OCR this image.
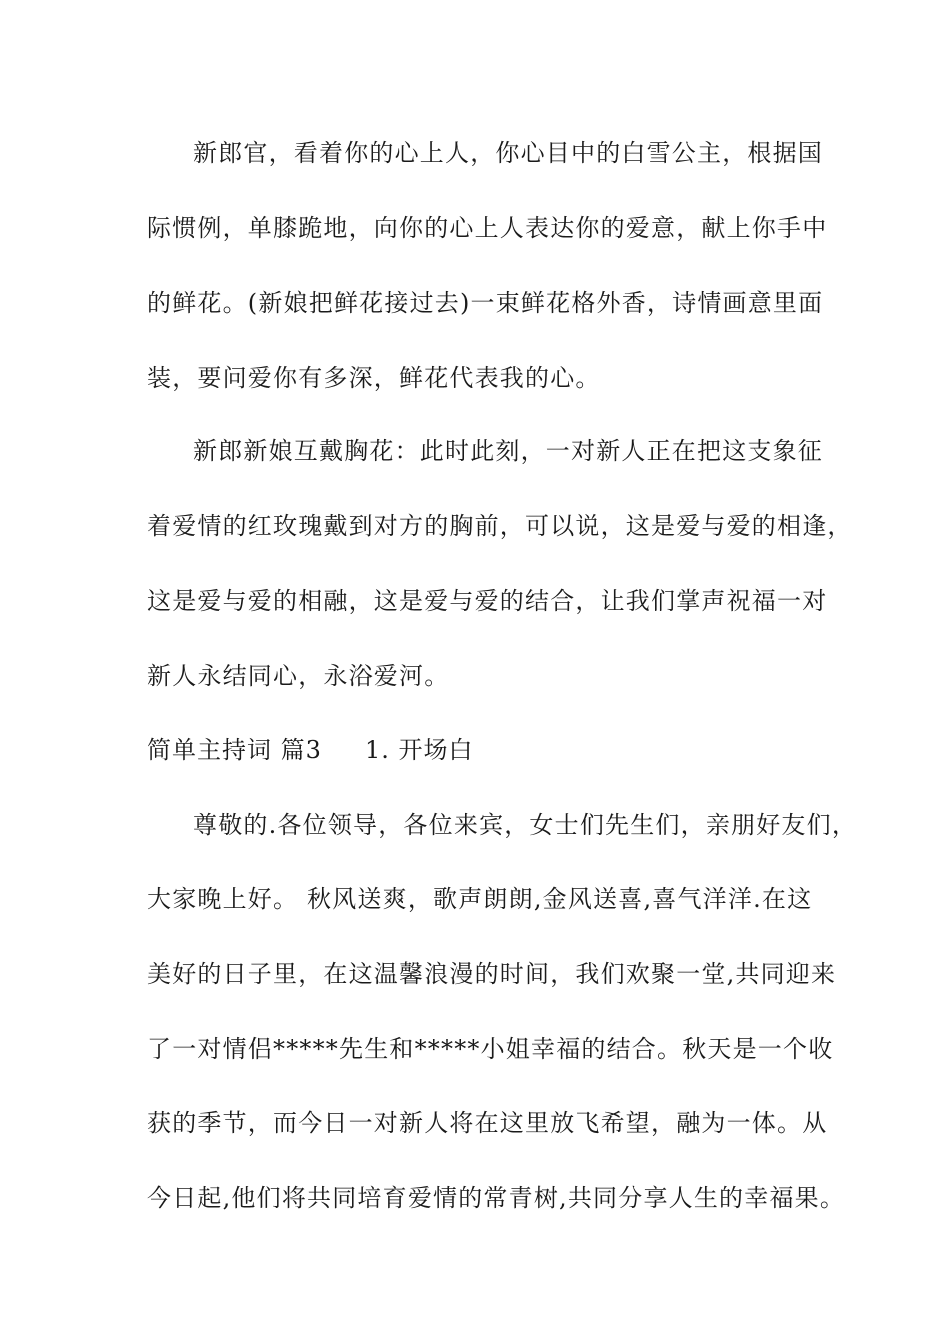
新郎官，看着你的心上人，你心目中的白雪公主，根据国
际惯例，单膝跪地，向你的心上人表达你的爱意，献上你手中
的鲜花。(新娘把鲜花接过去)一束鲜花格外香，诗情画意里面
装，要问爱你有多深，鲜花代表我的心。
新郎新娘互戴胸花：此时此刻，一对新人正在把这支象征
着爱情的红玫瑰戴到对方的胸前，可以说，这是爱与爱的相逢，
这是爱与爱的相融，这是爱与爱的结合，让我们掌声祝福一对
新人永结同心，永浴爱河。
简单主持词 篇3 1. 开场白
尊敬的.各位领导，各位来宾，女士们先生们，亲朋好友们，
大家晚上好。 秋风送爽，歌声朗朗,金风送喜,喜气洋洋.在这
美好的日子里，在这温馨浪漫的时间，我们欢聚一堂,共同迎来
了一对情侣*****先生和*****小姐幸福的结合。秋天是一个收
获的季节，而今日一对新人将在这里放飞希望，融为一体。从
今日起,他们将共同培育爱情的常青树,共同分享人生的幸福果。
